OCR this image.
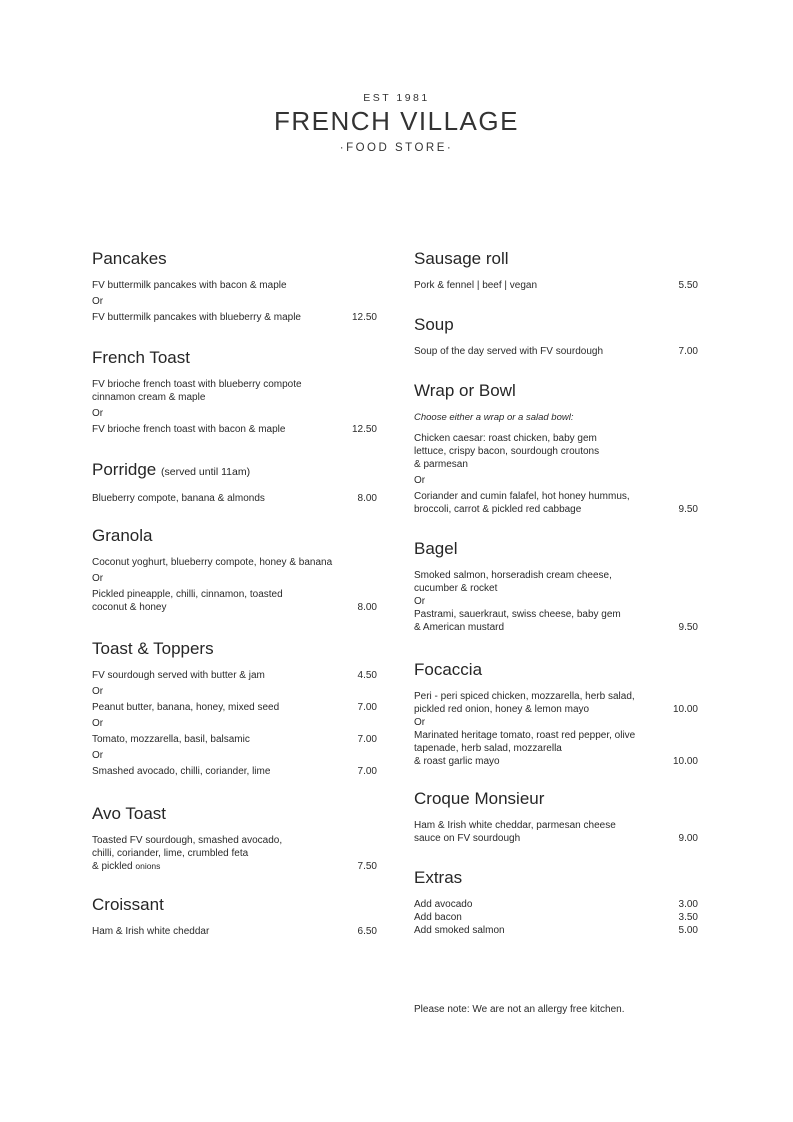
EST 1981
FRENCH VILLAGE
·FOOD STORE·
Pancakes
FV buttermilk pancakes with bacon & maple
Or
FV buttermilk pancakes with blueberry & maple	12.50
French Toast
FV brioche french toast with blueberry compote
cinnamon cream & maple
Or
FV brioche french toast with bacon & maple	12.50
Porridge (served until 11am)
Blueberry compote, banana & almonds	8.00
Granola
Coconut yoghurt, blueberry compote, honey & banana
Or
Pickled pineapple, chilli, cinnamon, toasted
coconut & honey	8.00
Toast & Toppers
FV sourdough served with butter & jam	4.50
Or
Peanut butter, banana, honey, mixed seed	7.00
Or
Tomato, mozzarella, basil, balsamic	7.00
Or
Smashed avocado, chilli, coriander, lime	7.00
Avo Toast
Toasted FV sourdough, smashed avocado,
chilli, coriander, lime, crumbled feta
& pickled onions	7.50
Croissant
Ham & Irish white cheddar	6.50
Sausage roll
Pork & fennel | beef | vegan	5.50
Soup
Soup of the day served with FV sourdough	7.00
Wrap or Bowl
Choose either a wrap or a salad bowl:
Chicken caesar: roast chicken, baby gem
lettuce, crispy bacon, sourdough croutons
& parmesan
Or
Coriander and cumin falafel, hot honey hummus,
broccoli, carrot & pickled red cabbage	9.50
Bagel
Smoked salmon, horseradish cream cheese,
cucumber & rocket
Or
Pastrami, sauerkraut, swiss cheese, baby gem
& American mustard	9.50
Focaccia
Peri - peri spiced chicken, mozzarella, herb salad,
pickled red onion, honey & lemon mayo	10.00
Or
Marinated heritage tomato, roast red pepper, olive
tapenade, herb salad, mozzarella
& roast garlic mayo	10.00
Croque Monsieur
Ham & Irish white cheddar, parmesan cheese
sauce on FV sourdough	9.00
Extras
Add avocado	3.00
Add bacon	3.50
Add smoked salmon	5.00
Please note: We are not an allergy free kitchen.
